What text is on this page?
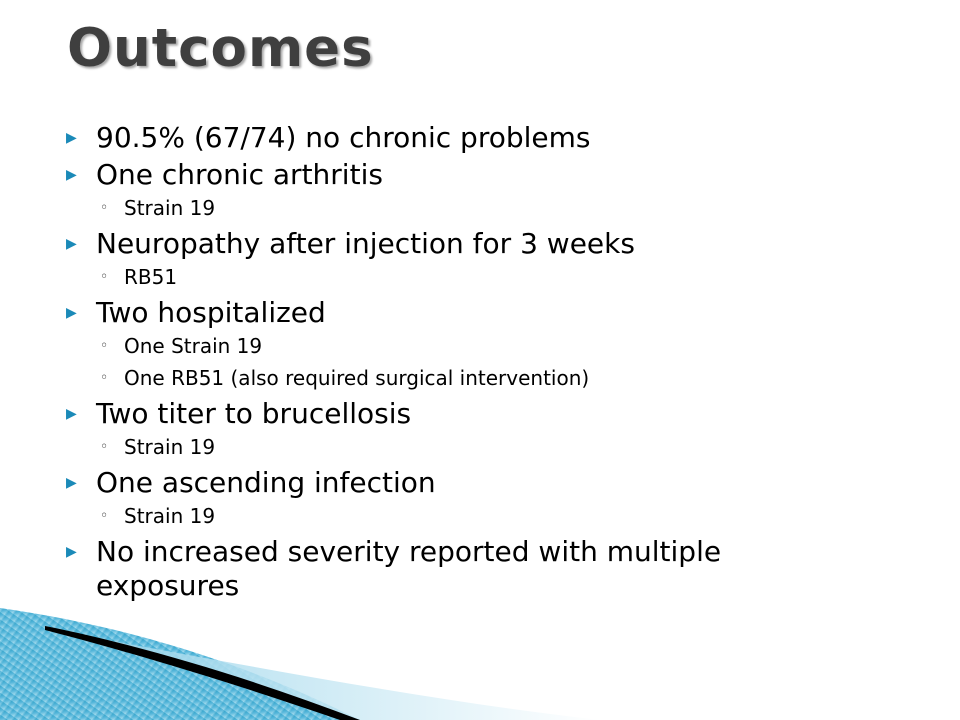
Outcomes
▶ 90.5% (67/74) no chronic problems
▶ One chronic arthritis
◦ Strain 19
▶ Neuropathy after injection for 3 weeks
◦ RB51
▶ Two hospitalized
◦ One Strain 19
◦ One RB51 (also required surgical intervention)
▶ Two titer to brucellosis
◦ Strain 19
▶ One ascending infection
◦ Strain 19
▶ No increased severity reported with multiple exposures
